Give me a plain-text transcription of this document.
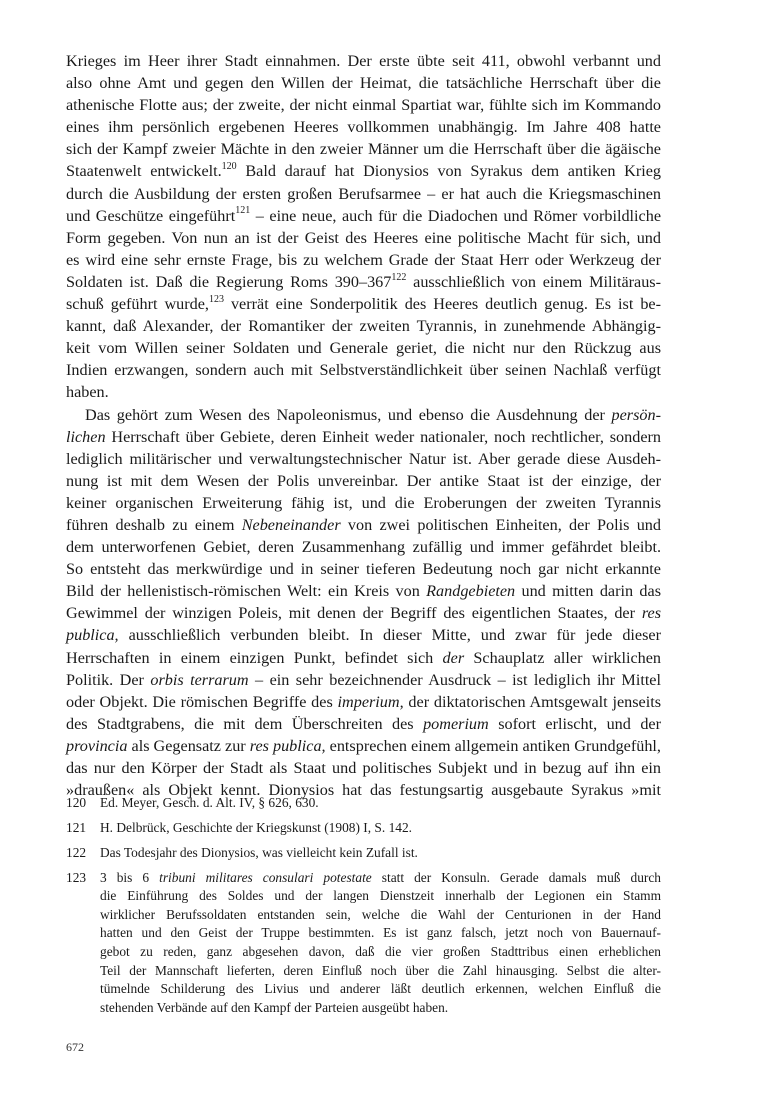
Krieges im Heer ihrer Stadt einnahmen. Der erste übte seit 411, obwohl verbannt und
also ohne Amt und gegen den Willen der Heimat, die tatsächliche Herrschaft über die
athenische Flotte aus; der zweite, der nicht einmal Spartiat war, fühlte sich im Kommando
eines ihm persönlich ergebenen Heeres vollkommen unabhängig. Im Jahre 408 hatte
sich der Kampf zweier Mächte in den zweier Männer um die Herrschaft über die ägäische
Staatenwelt entwickelt.$^{120}$ Bald darauf hat Dionysios von Syrakus dem antiken Krieg
durch die Ausbildung der ersten großen Berufsarmee – er hat auch die Kriegsmaschinen
und Geschütze eingeführt$^{121}$ – eine neue, auch für die Diadochen und Römer vorbildliche
Form gegeben. Von nun an ist der Geist des Heeres eine politische Macht für sich, und
es wird eine sehr ernste Frage, bis zu welchem Grade der Staat Herr oder Werkzeug der
Soldaten ist. Daß die Regierung Roms $390-367^{122}$ ausschließlich von einem Militäraus-
schuß geführt wurde,$^{123}$ verrät eine Sonderpolitik des Heeres deutlich genug. Es ist be-
kannt, daß Alexander, der Romantiker der zweiten Tyrannis, in zunehmende Abhängig-
keit vom Willen seiner Soldaten und Generale geriet, die nicht nur den Rückzug aus
Indien erzwangen, sondern auch mit Selbstverständlichkeit über seinen Nachlaß verfügt
haben.
Das gehört zum Wesen des Napoleonismus, und ebenso die Ausdehnung der persön-
lichen Herrschaft über Gebiete, deren Einheit weder nationaler, noch rechtlicher, sondern
lediglich militärischer und verwaltungstechnischer Natur ist. Aber gerade diese Ausdeh-
nung ist mit dem Wesen der Polis unvereinbar. Der antike Staat ist der einzige, der
keiner organischen Erweiterung fähig ist, und die Eroberungen der zweiten Tyrannis
führen deshalb zu einem Nebeneinander von zwei politischen Einheiten, der Polis und
dem unterworfenen Gebiet, deren Zusammenhang zufällig und immer gefährdet bleibt.
So entsteht das merkwürdige und in seiner tieferen Bedeutung noch gar nicht erkannte
Bild der hellenistisch-römischen Welt: ein Kreis von Randgebieten und mitten darin das
Gewimmel der winzigen Poleis, mit denen der Begriff des eigentlichen Staates, der res
publica, ausschließlich verbunden bleibt. In dieser Mitte, und zwar für jede dieser
Herrschaften in einem einzigen Punkt, befindet sich der Schauplatz aller wirklichen
Politik. Der orbis terrarum – ein sehr bezeichnender Ausdruck – ist lediglich ihr Mittel
oder Objekt. Die römischen Begriffe des imperium, der diktatorischen Amtsgewalt jenseits
des Stadtgrabens, die mit dem Überschreiten des pomerium sofort erlischt, und der
provincia als Gegensatz zur res publica, entsprechen einem allgemein antiken Grundgefühl,
das nur den Körper der Stadt als Staat und politisches Subjekt und in bezug auf ihn ein
»draußen« als Objekt kennt. Dionysios hat das festungsartig ausgebaute Syrakus »mit
120	Ed. Meyer, Gesch. d. Alt. IV, § 626, 630.
121	H. Delbrück, Geschichte der Kriegskunst (1908) I, S. 142.
122	Das Todesjahr des Dionysios, was vielleicht kein Zufall ist.
123	3 bis 6 tribuni militares consulari potestate statt der Konsuln. Gerade damals muß durch
die Einführung des Soldes und der langen Dienstzeit innerhalb der Legionen ein Stamm
wirklicher Berufssoldaten entstanden sein, welche die Wahl der Centurionen in der Hand
hatten und den Geist der Truppe bestimmten. Es ist ganz falsch, jetzt noch von Bauernauf-
gebot zu reden, ganz abgesehen davon, daß die vier großen Stadttribus einen erheblichen
Teil der Mannschaft lieferten, deren Einfluß noch über die Zahl hinausging. Selbst die alter-
tümelnde Schilderung des Livius und anderer läßt deutlich erkennen, welchen Einfluß die
stehenden Verbände auf den Kampf der Parteien ausgeübt haben.
672
